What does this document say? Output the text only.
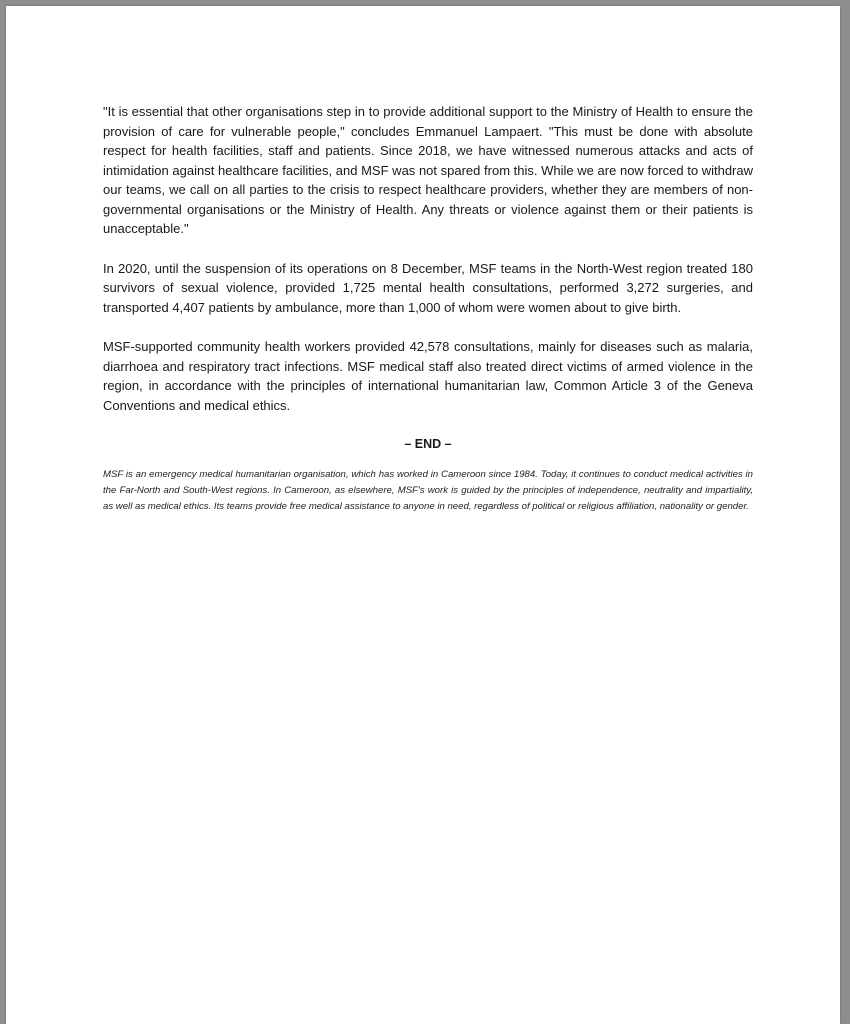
"It is essential that other organisations step in to provide additional support to the Ministry of Health to ensure the provision of care for vulnerable people," concludes Emmanuel Lampaert. "This must be done with absolute respect for health facilities, staff and patients. Since 2018, we have witnessed numerous attacks and acts of intimidation against healthcare facilities, and MSF was not spared from this. While we are now forced to withdraw our teams, we call on all parties to the crisis to respect healthcare providers, whether they are members of non-governmental organisations or the Ministry of Health. Any threats or violence against them or their patients is unacceptable."

In 2020, until the suspension of its operations on 8 December, MSF teams in the North-West region treated 180 survivors of sexual violence, provided 1,725 mental health consultations, performed 3,272 surgeries, and transported 4,407 patients by ambulance, more than 1,000 of whom were women about to give birth.

MSF-supported community health workers provided 42,578 consultations, mainly for diseases such as malaria, diarrhoea and respiratory tract infections. MSF medical staff also treated direct victims of armed violence in the region, in accordance with the principles of international humanitarian law, Common Article 3 of the Geneva Conventions and medical ethics.

– END –

MSF is an emergency medical humanitarian organisation, which has worked in Cameroon since 1984. Today, it continues to conduct medical activities in the Far-North and South-West regions. In Cameroon, as elsewhere, MSF's work is guided by the principles of independence, neutrality and impartiality, as well as medical ethics. Its teams provide free medical assistance to anyone in need, regardless of political or religious affiliation, nationality or gender.
